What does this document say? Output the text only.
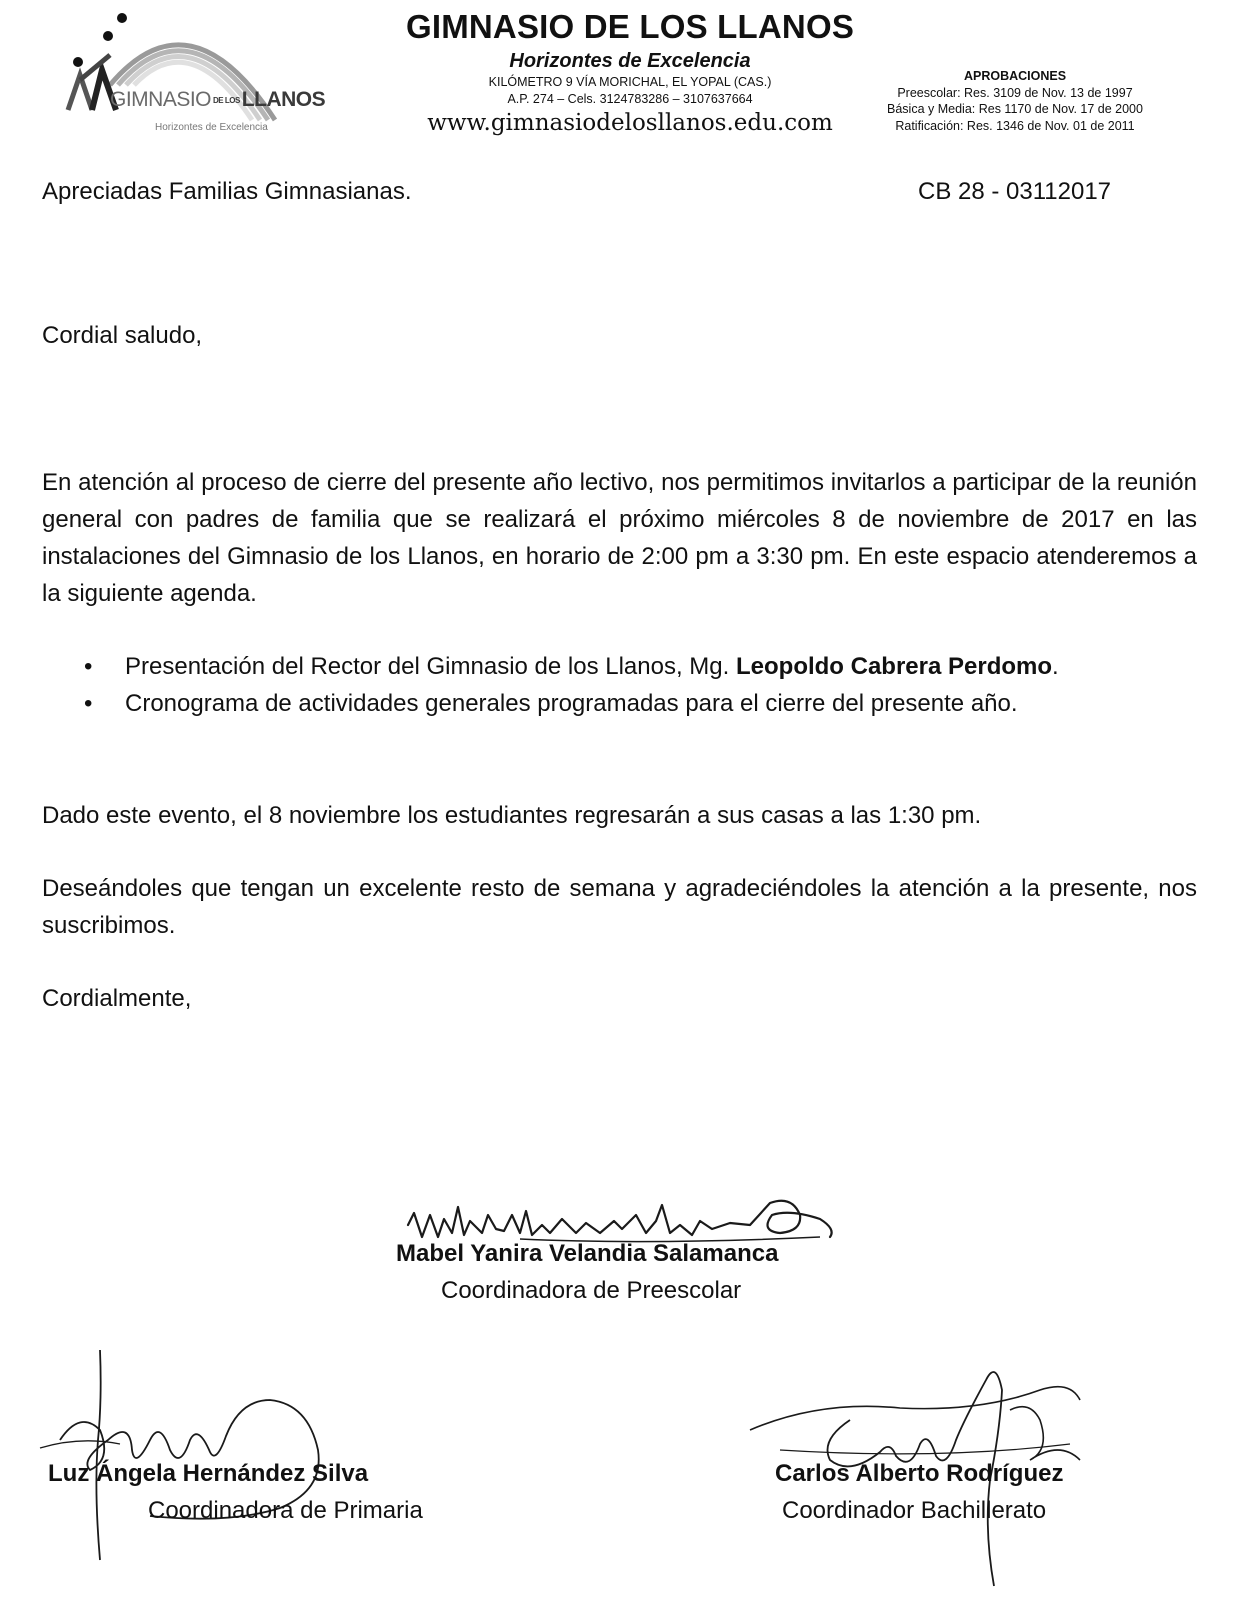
GIMNASIO DE LOSLLANOS
Horizontes de Excelencia
GIMNASIO DE LOS LLANOS
Horizontes de Excelencia
KILÓMETRO 9 VÍA MORICHAL, EL YOPAL (CAS.)
A.P. 274 – Cels. 3124783286 – 3107637664
www.gimnasiodelosllanos.edu.com
APROBACIONES
Preescolar: Res. 3109 de Nov. 13 de 1997
Básica y Media: Res 1170 de Nov. 17 de 2000
Ratificación: Res. 1346 de Nov. 01 de 2011
Apreciadas Familias Gimnasianas.	CB 28 - 03112017
Cordial saludo,
En atención al proceso de cierre del presente año lectivo, nos permitimos invitarlos a participar de la reunión general con padres de familia que se realizará el próximo miércoles 8 de noviembre de 2017 en las instalaciones del Gimnasio de los Llanos, en horario de 2:00 pm a 3:30 pm. En este espacio atenderemos a la siguiente agenda.
• Presentación del Rector del Gimnasio de los Llanos, Mg. Leopoldo Cabrera Perdomo.
• Cronograma de actividades generales programadas para el cierre del presente año.
Dado este evento, el 8 noviembre los estudiantes regresarán a sus casas a las 1:30 pm.
Deseándoles que tengan un excelente resto de semana y agradeciéndoles la atención a la presente, nos suscribimos.
Cordialmente,
Mabel Yanira Velandia Salamanca
Coordinadora de Preescolar
Luz Ángela Hernández Silva
Coordinadora de Primaria
Carlos Alberto Rodríguez
Coordinador Bachillerato
